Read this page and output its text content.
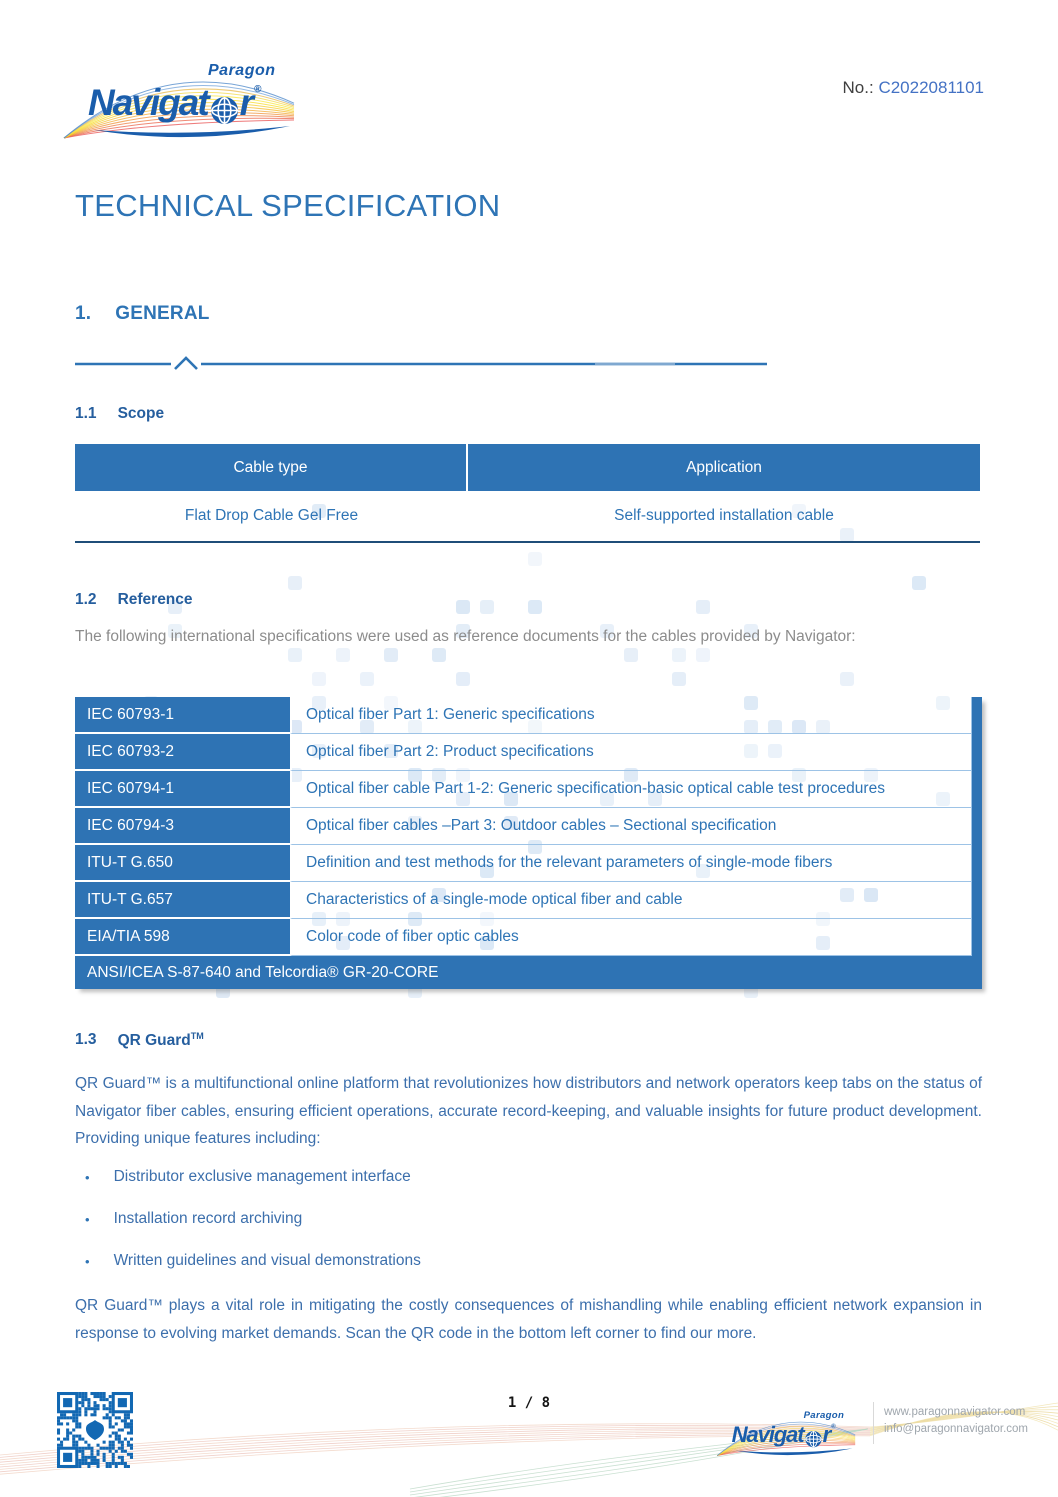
Paragon
Navigat r ®	No.: C2022081101
TECHNICAL SPECIFICATION
1. GENERAL
1.1 Scope
Cable type	Application
Flat Drop Cable Gel Free	Self-supported installation cable
1.2 Reference
The following international specifications were used as reference documents for the cables provided by Navigator:
IEC 60793-1	Optical fiber Part 1: Generic specifications
IEC 60793-2	Optical fiber Part 2: Product specifications
IEC 60794-1	Optical fiber cable Part 1-2: Generic specification-basic optical cable test procedures
IEC 60794-3	Optical fiber cables –Part 3: Outdoor cables – Sectional specification
ITU-T G.650	Definition and test methods for the relevant parameters of single-mode fibers
ITU-T G.657	Characteristics of a single-mode optical fiber and cable
EIA/TIA 598	Color code of fiber optic cables
ANSI/ICEA S-87-640 and Telcordia® GR-20-CORE
1.3 QR Guard™
QR Guard™ is a multifunctional online platform that revolutionizes how distributors and network operators keep tabs on the status of Navigator fiber cables, ensuring efficient operations, accurate record-keeping, and valuable insights for future product development. Providing unique features including:
• Distributor exclusive management interface
• Installation record archiving
• Written guidelines and visual demonstrations
QR Guard™ plays a vital role in mitigating the costly consequences of mishandling while enabling efficient network expansion in response to evolving market demands. Scan the QR code in the bottom left corner to find our more.
1 / 8
Paragon
Navigat r ®
www.paragonnavigator.com
info@paragonnavigator.com
